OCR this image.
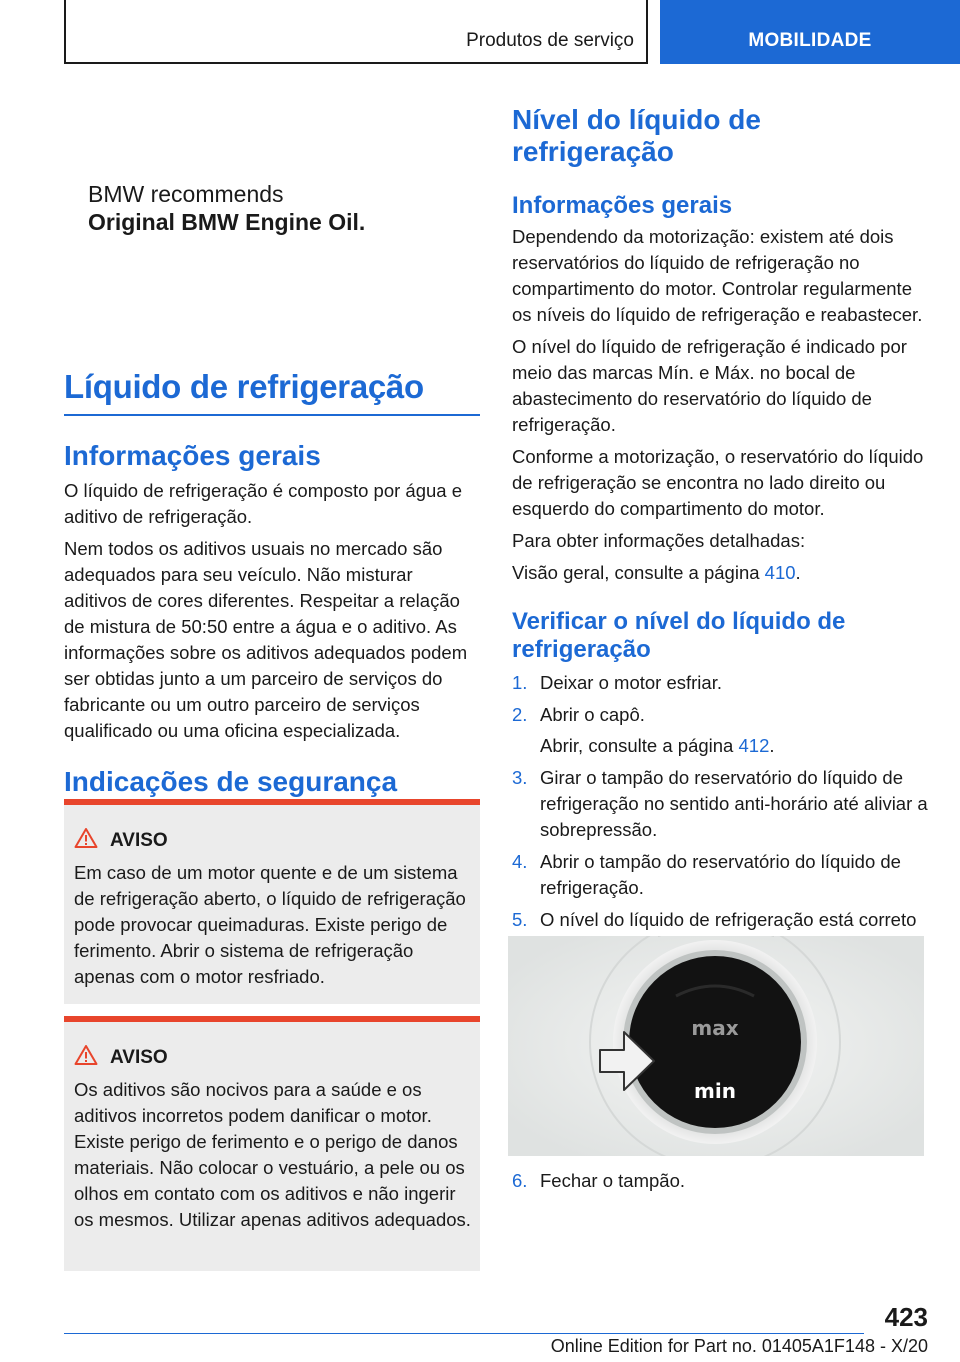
Produtos de serviço	MOBILIDADE
BMW recommends
Original BMW Engine Oil.
Líquido de refrigeração
Informações gerais

O líquido de refrigeração é composto por água e aditivo de refrigeração.

Nem todos os aditivos usuais no mercado são adequados para seu veículo. Não misturar aditivos de cores diferentes. Respeitar a relação de mistura de 50:50 entre a água e o aditivo. As informações sobre os aditivos adequados podem ser obtidas junto a um parceiro de serviços do fabricante ou um outro parceiro de serviços qualificado ou uma oficina especializada.

Indicações de segurança
AVISO

Em caso de um motor quente e de um sistema de refrigeração aberto, o líquido de refrigeração pode provocar queimaduras. Existe perigo de ferimento. Abrir o sistema de refrigeração apenas com o motor resfriado.

AVISO

Os aditivos são nocivos para a saúde e os aditivos incorretos podem danificar o motor. Existe perigo de ferimento e o perigo de danos materiais. Não colocar o vestuário, a pele ou os olhos em contato com os aditivos e não ingerir os mesmos. Utilizar apenas aditivos adequados.

Nível do líquido de refrigeração
Informações gerais

Dependendo da motorização: existem até dois reservatórios do líquido de refrigeração no compartimento do motor. Controlar regularmente os níveis do líquido de refrigeração e reabastecer.

O nível do líquido de refrigeração é indicado por meio das marcas Mín. e Máx. no bocal de abastecimento do reservatório do líquido de refrigeração.

Conforme a motorização, o reservatório do líquido de refrigeração se encontra no lado direito ou esquerdo do compartimento do motor.

Para obter informações detalhadas:

Visão geral, consulte a página 410.

Verificar o nível do líquido de refrigeração
1. Deixar o motor esfriar.
2. Abrir o capô.
Abrir, consulte a página 412.
3. Girar o tampão do reservatório do líquido de refrigeração no sentido anti-horário até aliviar a sobrepressão.
4. Abrir o tampão do reservatório do líquido de refrigeração.
5. O nível do líquido de refrigeração está correto
max
min
6. Fechar o tampão.
423
Online Edition for Part no. 01405A1F148 - X/20
